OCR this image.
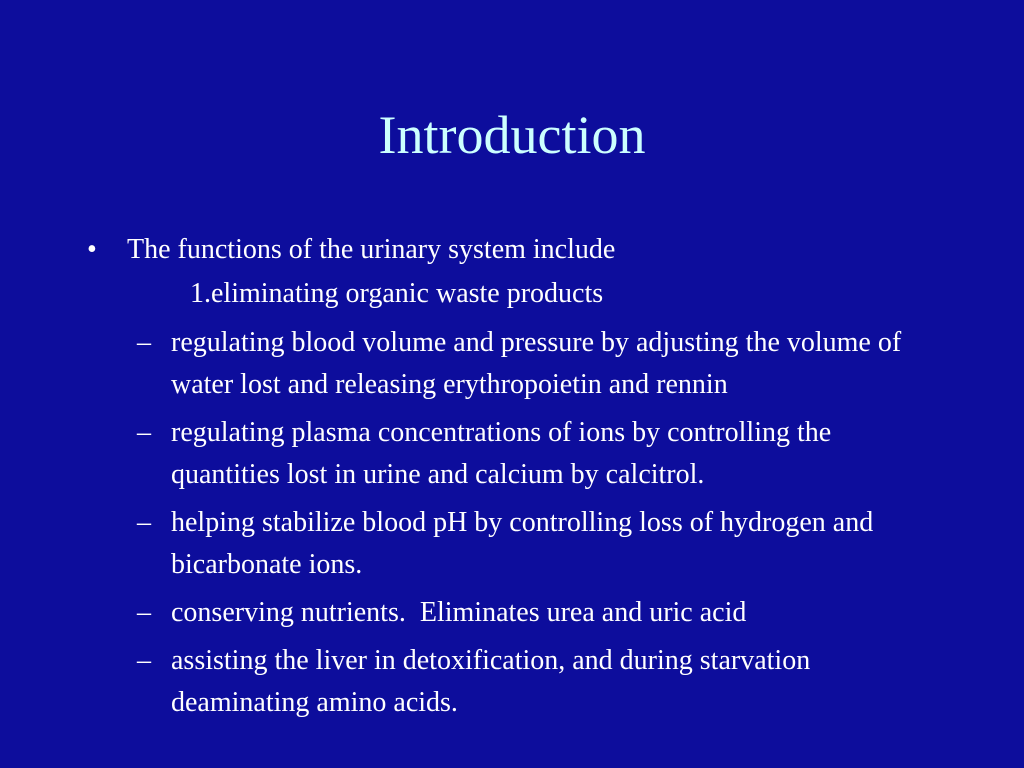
Introduction
• The functions of the urinary system include
1.eliminating organic waste products
– regulating blood volume and pressure by adjusting the volume of water lost and releasing erythropoietin and rennin
– regulating plasma concentrations of ions by controlling the quantities lost in urine and calcium by calcitrol.
– helping stabilize blood pH by controlling loss of hydrogen and bicarbonate ions.
– conserving nutrients.  Eliminates urea and uric acid
– assisting the liver in detoxification, and during starvation deaminating amino acids.
